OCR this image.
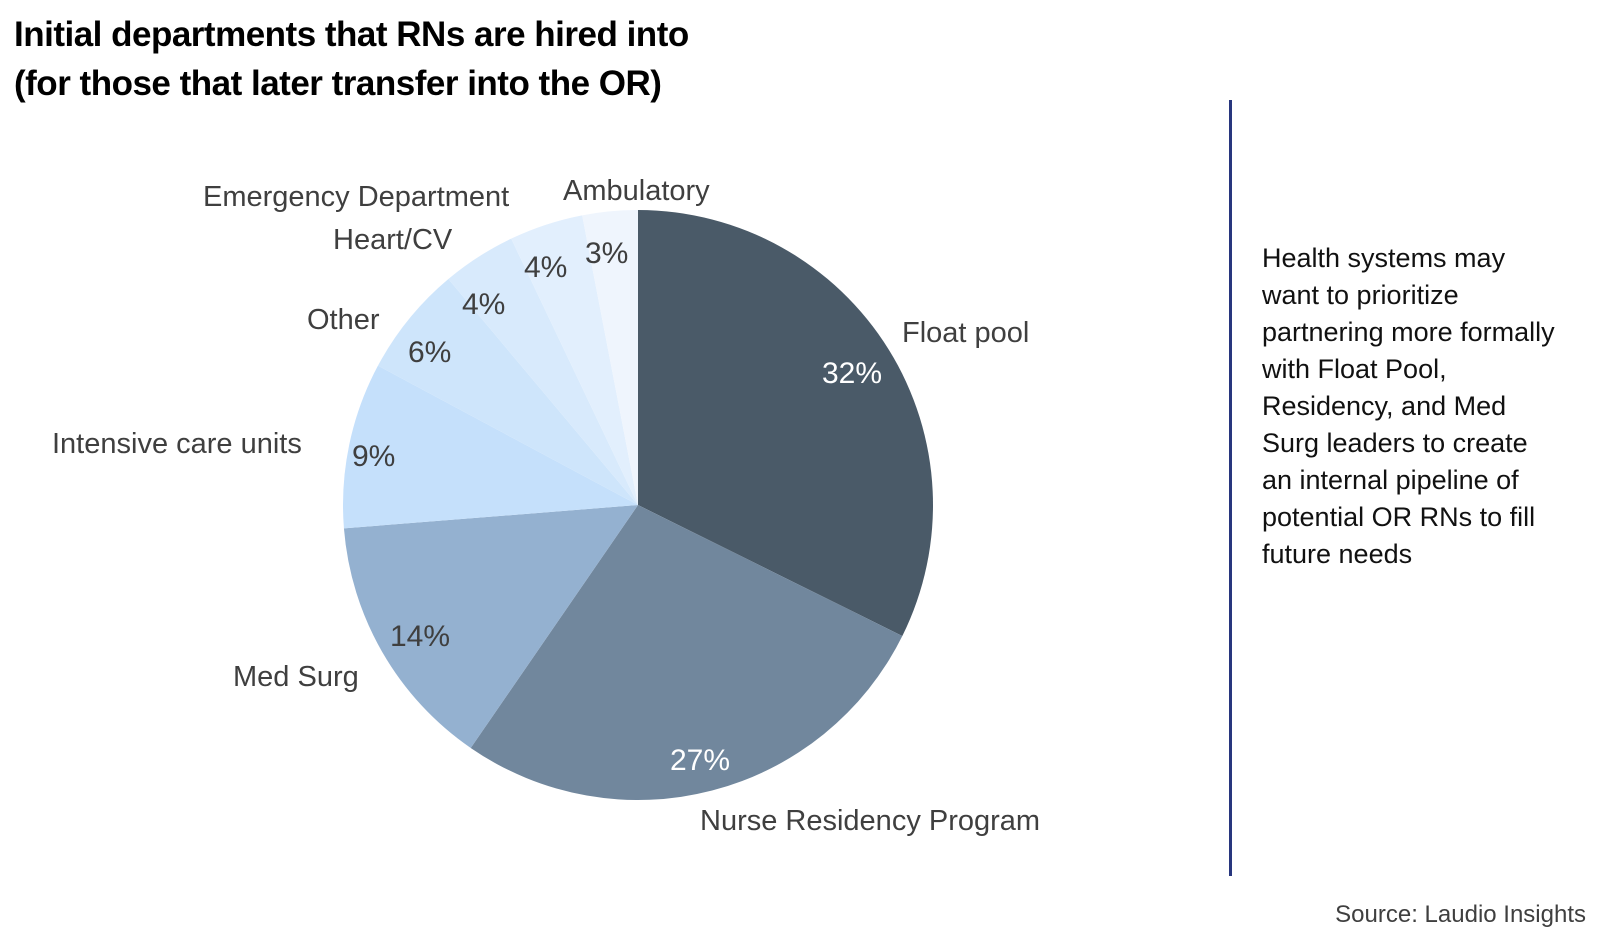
Initial departments that RNs are hired into
(for those that later transfer into the OR)
Float pool
Nurse Residency Program
Med Surg
Intensive care units
Other
Heart/CV
Emergency Department Ambulatory
32%
27%
14%
9%
6%
4%
4% 3%	Health systems may want to prioritize partnering more formally with Float Pool, Residency, and Med Surg leaders to create an internal pipeline of potential OR RNs to fill future needs
Source: Laudio Insights
